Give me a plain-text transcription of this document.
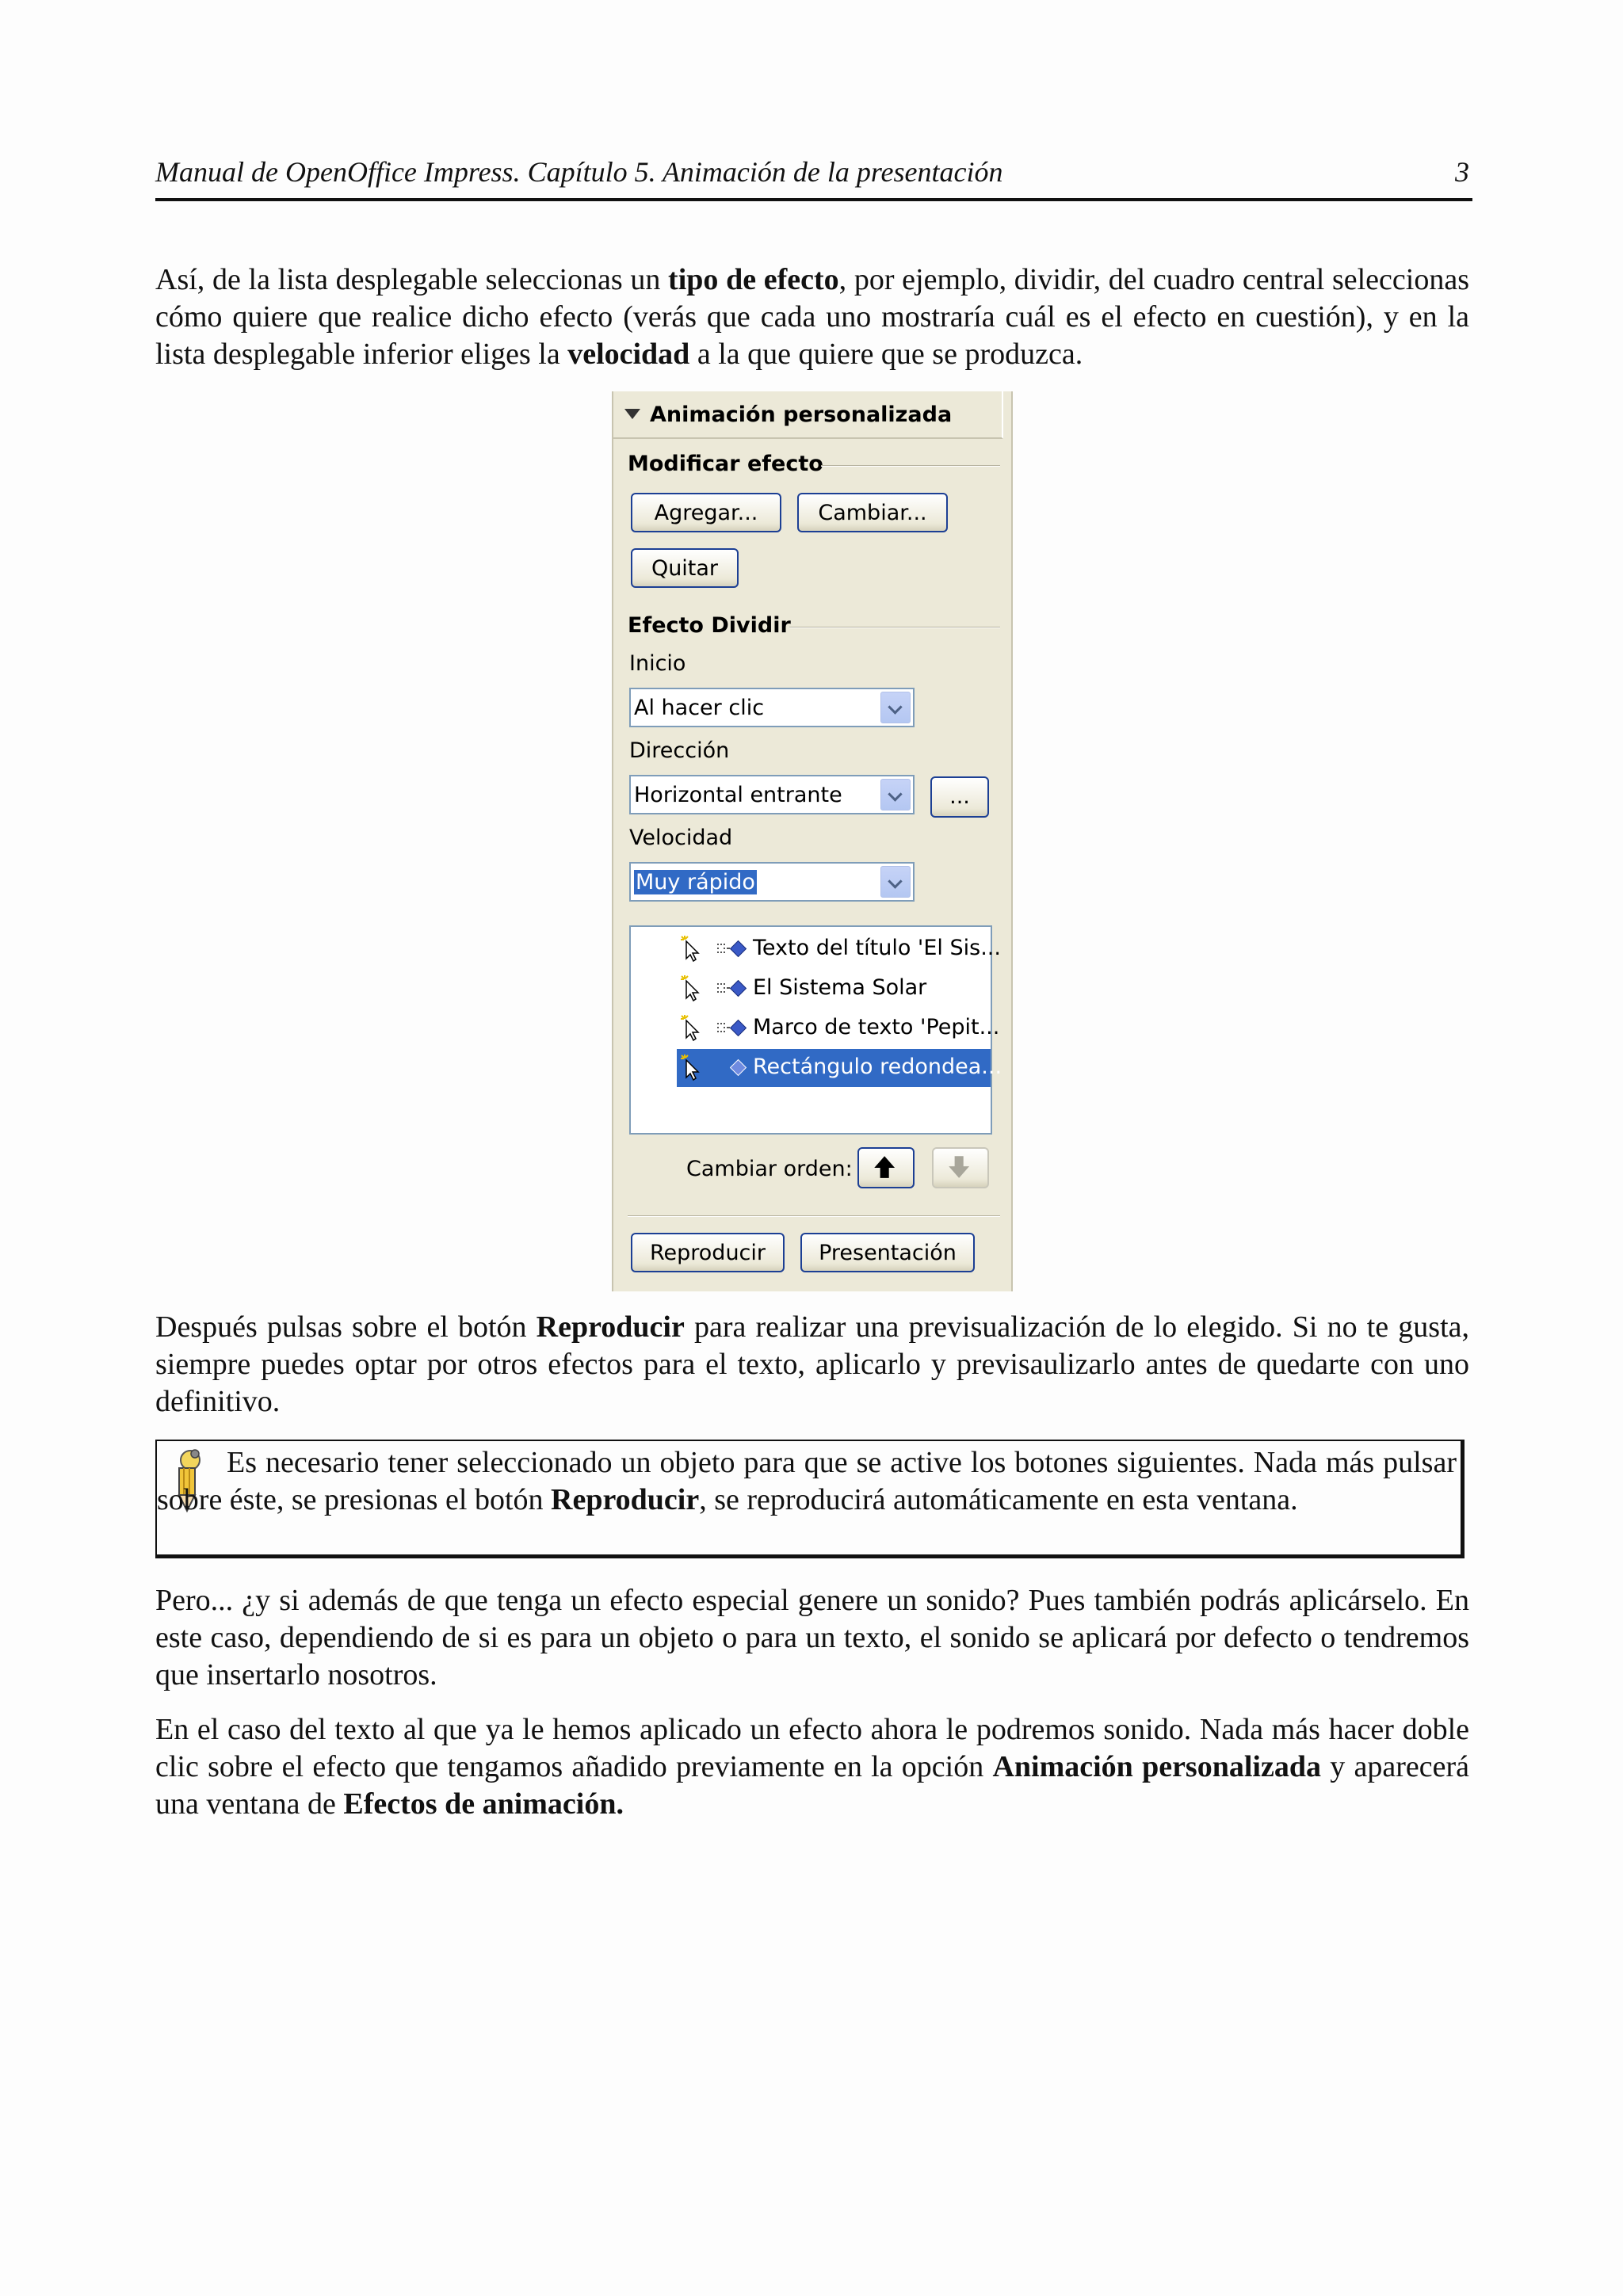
Manual de OpenOffice Impress. Capítulo 5. Animación de la presentación	3

Así, de la lista desplegable seleccionas un tipo de efecto, por ejemplo, dividir, del cuadro central seleccionas cómo quiere que realice dicho efecto (verás que cada uno mostraría cuál es el efecto en cuestión), y en la lista desplegable inferior eliges la velocidad a la que quiere que se produzca.

Animación personalizada
Modificar efecto
Agregar...	Cambiar...
Quitar
Efecto Dividir
Inicio
Al hacer clic
Dirección
Horizontal entrante	...
Velocidad
Muy rápido
Texto del título 'El Sis...
El Sistema Solar
Marco de texto 'Pepit...
Rectángulo redondea...
Cambiar orden:
Reproducir	Presentación

Después pulsas sobre el botón Reproducir para realizar una previsualización de lo elegido. Si no te gusta, siempre puedes optar por otros efectos para el texto, aplicarlo y previsaulizarlo antes de quedarte con uno definitivo.

Es necesario tener seleccionado un objeto para que se active los botones siguientes. Nada más pulsar sobre éste, se presionas el botón Reproducir, se reproducirá automáticamente en esta ventana.

Pero... ¿y si además de que tenga un efecto especial genere un sonido? Pues también podrás aplicárselo. En este caso, dependiendo de si es para un objeto o para un texto, el sonido se aplicará por defecto o tendremos que insertarlo nosotros.

En el caso del texto al que ya le hemos aplicado un efecto ahora le podremos sonido. Nada más hacer doble clic sobre el efecto que tengamos añadido previamente en la opción Animación personalizada y aparecerá una ventana de Efectos de animación.
